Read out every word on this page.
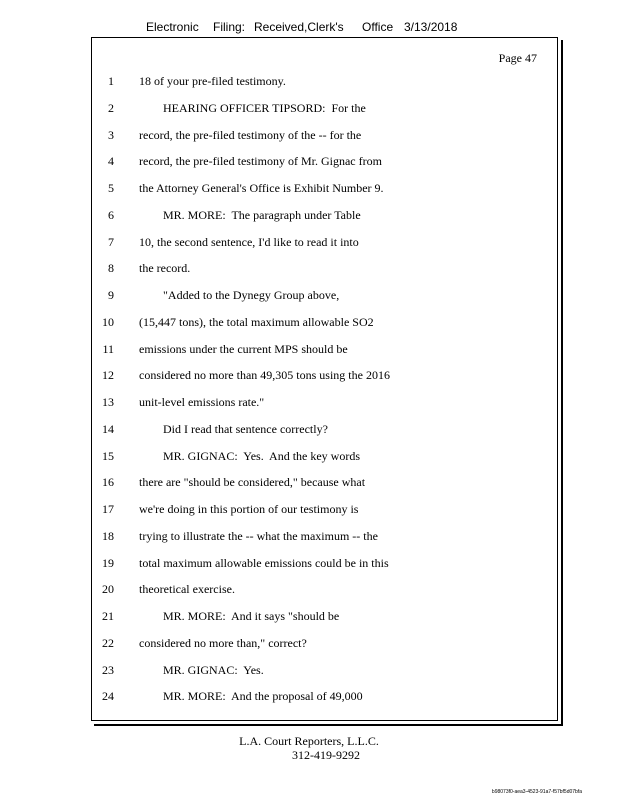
Electronic Filing: Received,Clerk's Office 3/13/2018
Page 47
1 18 of your pre-filed testimony.
2 HEARING OFFICER TIPSORD:  For the
3 record, the pre-filed testimony of the -- for the
4 record, the pre-filed testimony of Mr. Gignac from
5 the Attorney General's Office is Exhibit Number 9.
6 MR. MORE:  The paragraph under Table
7 10, the second sentence, I'd like to read it into
8 the record.
9 "Added to the Dynegy Group above,
10 (15,447 tons), the total maximum allowable SO2
11 emissions under the current MPS should be
12 considered no more than 49,305 tons using the 2016
13 unit-level emissions rate."
14 Did I read that sentence correctly?
15 MR. GIGNAC:  Yes.  And the key words
16 there are "should be considered," because what
17 we're doing in this portion of our testimony is
18 trying to illustrate the -- what the maximum -- the
19 total maximum allowable emissions could be in this
20 theoretical exercise.
21 MR. MORE:  And it says "should be
22 considered no more than," correct?
23 MR. GIGNAC:  Yes.
24 MR. MORE:  And the proposal of 49,000
L.A. Court Reporters, L.L.C.
312-419-9292
b98073f0-aea3-4523-91a7-f57bf5d07bfa
